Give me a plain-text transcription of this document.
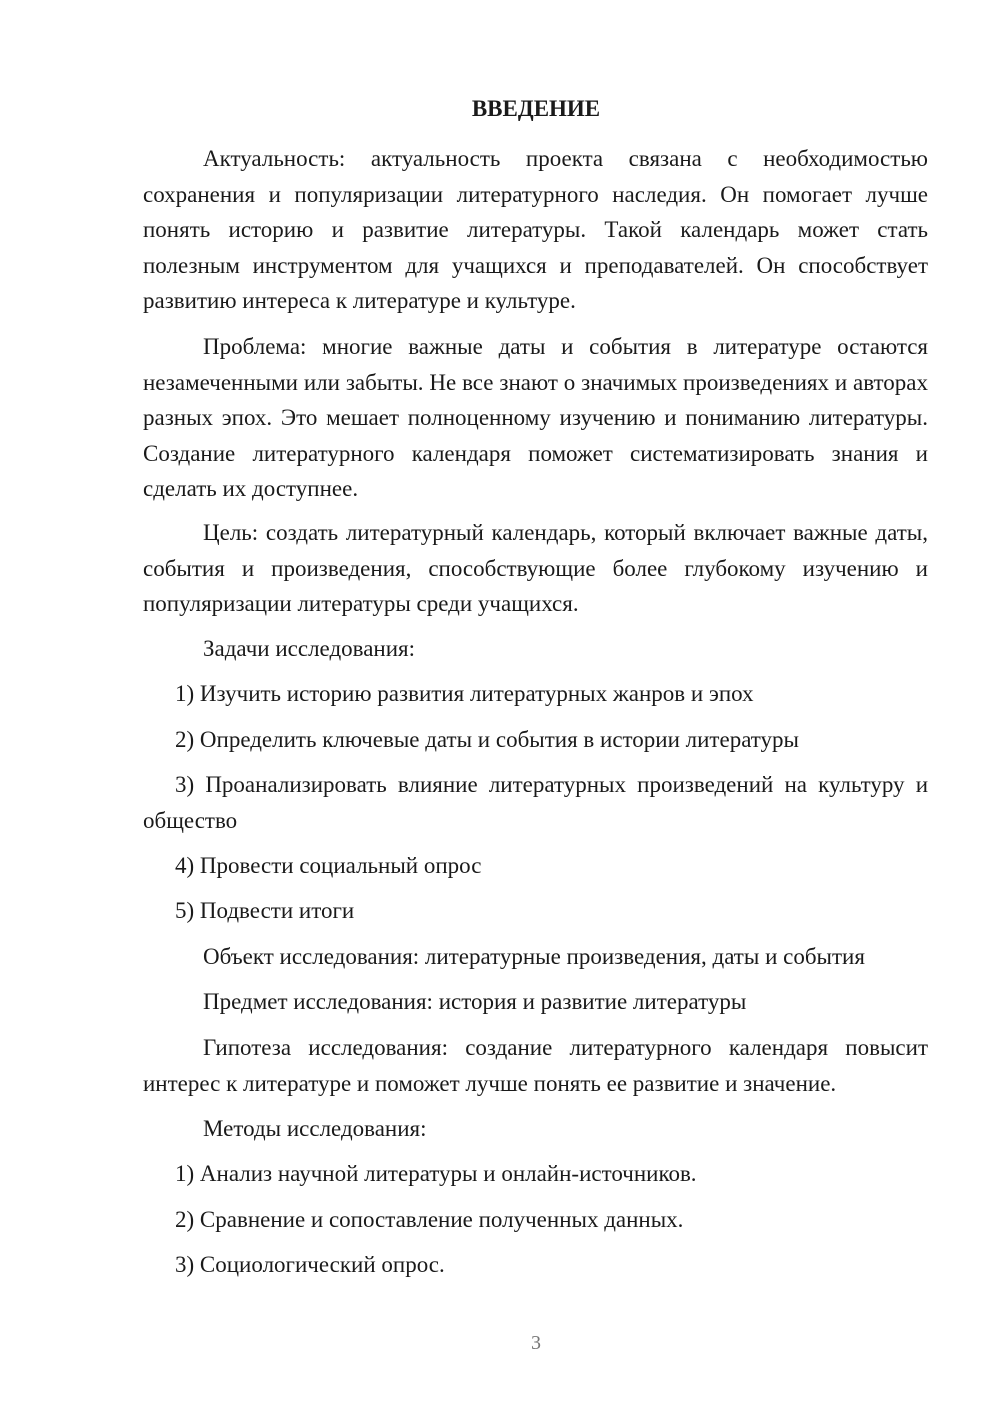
ВВЕДЕНИЕ

Актуальность: актуальность проекта связана с необходимостью сохранения и популяризации литературного наследия. Он помогает лучше понять историю и развитие литературы. Такой календарь может стать полезным инструментом для учащихся и преподавателей. Он способствует развитию интереса к литературе и культуре.

Проблема: многие важные даты и события в литературе остаются незамеченными или забыты. Не все знают о значимых произведениях и авторах разных эпох. Это мешает полноценному изучению и пониманию литературы. Создание литературного календаря поможет систематизировать знания и сделать их доступнее.

Цель: создать литературный календарь, который включает важные даты, события и произведения, способствующие более глубокому изучению и популяризации литературы среди учащихся.

Задачи исследования:

1) Изучить историю развития литературных жанров и эпох

2) Определить ключевые даты и события в истории литературы

3) Проанализировать влияние литературных произведений на культуру и общество

4) Провести социальный опрос

5) Подвести итоги

Объект исследования: литературные произведения, даты и события

Предмет исследования: история и развитие литературы

Гипотеза исследования: создание литературного календаря повысит интерес к литературе и поможет лучше понять ее развитие и значение.

Методы исследования:

1) Анализ научной литературы и онлайн-источников.

2) Сравнение и сопоставление полученных данных.

3) Социологический опрос.

3
